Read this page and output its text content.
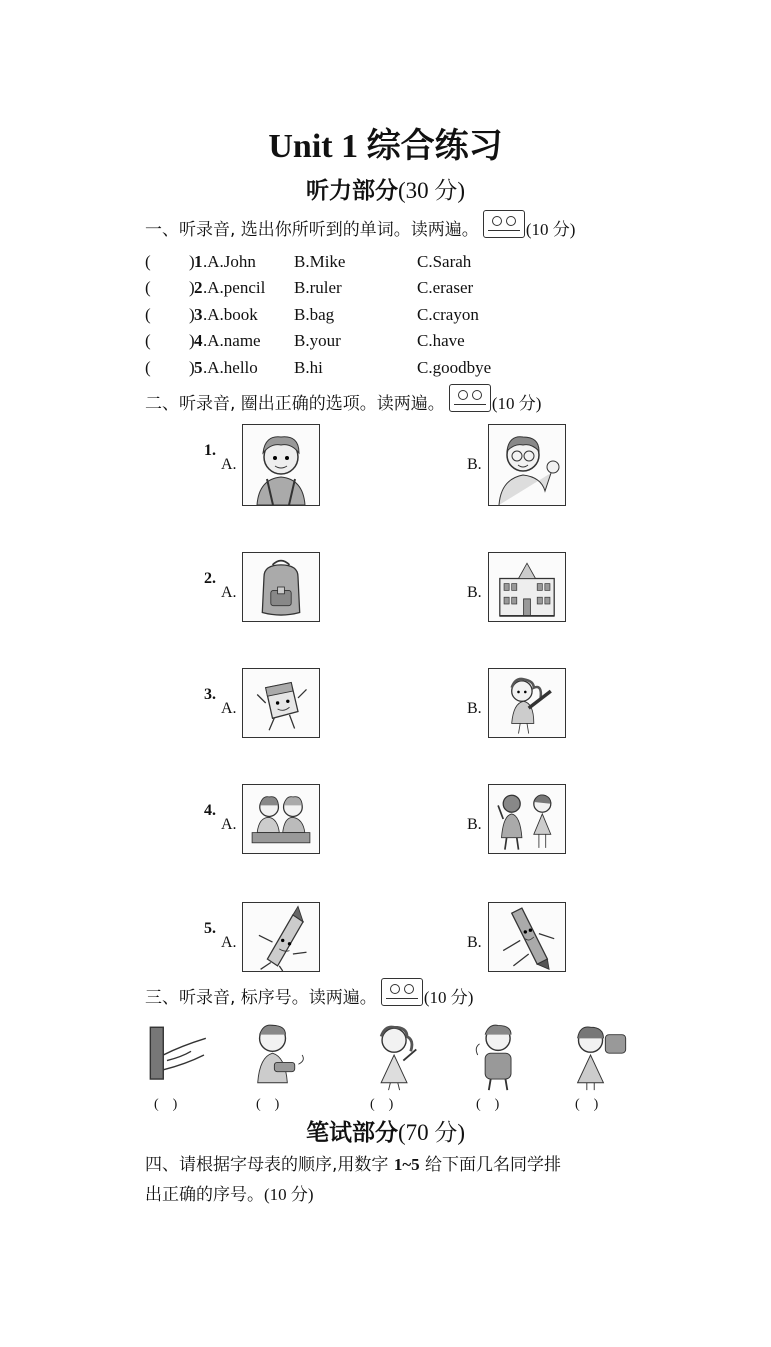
Unit 1 综合练习
听力部分(30 分)
一、听录音, 选出你所听到的单词。读两遍。	(10 分)
( ) 1 .A.John B.Mike	C.Sarah
( ) 2 .A.pencil B.ruler	C.eraser
( ) 3 .A.book B.bag	C.crayon
( ) 4 .A.name B.your	C.have
( ) 5 .A.hello B.hi	C.goodbye
二、听录音, 圈出正确的选项。读两遍。	(10 分)
1.
A.	B.
2.
A.	B.
3.
A.	B.
4.
A.	B.
5.
A.	B.
三、听录音, 标序号。读两遍。	(10 分)
(　)	(　)	(　)	(　)	(　)
笔试部分(70 分)
四、请根据字母表的顺序,用数字 1~5 给下面几名同学排
出正确的序号。(10 分)
